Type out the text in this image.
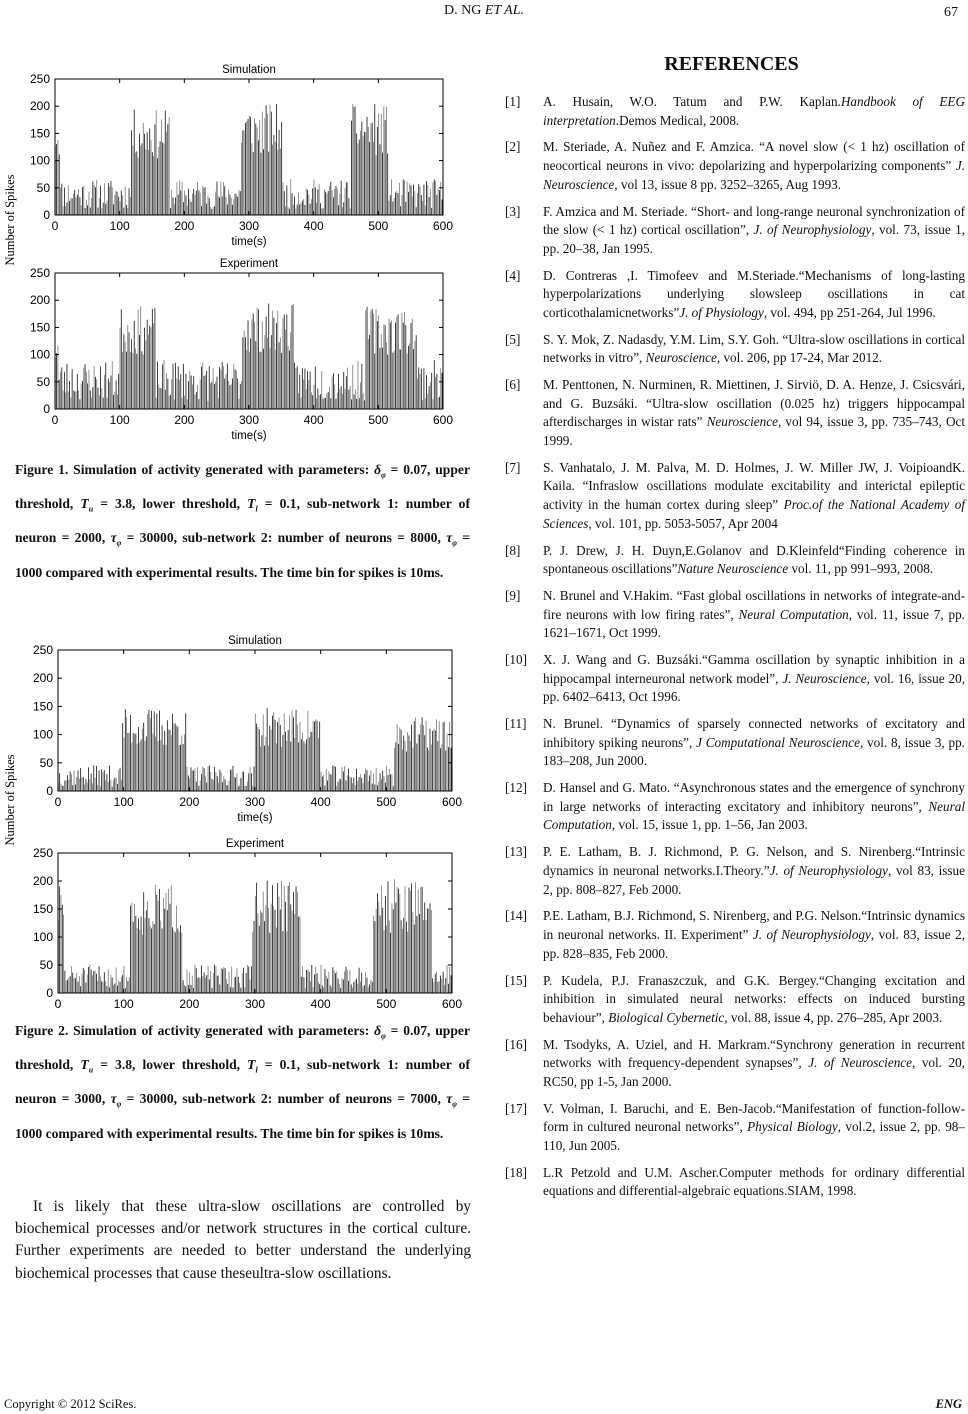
D. NG ET AL.	67
0
50
100
150
200
250
0	100	200	300	400	500	600
Simulation
time(s)
0
50
100
150
200
250
0	100	200	300	400	500	600
Experiment
time(s)
Number of Spikes
Figure 1. Simulation of activity generated with parameters: $\delta_\varphi = 0.07$, upper threshold, $T_u = 3.8$, lower threshold, $T_l = 0.1$, sub-network 1: number of neuron = 2000, $\tau_\varphi = 30000$, sub-network 2: number of neurons = 8000, $\tau_\varphi = 1000$ compared with experimental results. The time bin for spikes is 10ms.
0
50
100
150
200
250
0	100	200	300	400	500	600
Simulation
time(s)
0
50
100
150
200
250
0	100	200	300	400	500	600
Experiment
Number of Spikes
Figure 2. Simulation of activity generated with parameters: $\delta_\varphi = 0.07$, upper threshold, $T_u = 3.8$, lower threshold, $T_l = 0.1$, sub-network 1: number of neuron = 3000, $\tau_\varphi = 30000$, sub-network 2: number of neurons = 7000, $\tau_\varphi = 1000$ compared with experimental results. The time bin for spikes is 10ms.
It is likely that these ultra-slow oscillations are controlled by biochemical processes and/or network structures in the cortical culture. Further experiments are needed to better understand the underlying biochemical processes that cause theseultra-slow oscillations.
REFERENCES
[1]	A. Husain, W.O. Tatum and P.W. Kaplan.Handbook of EEG interpretation.Demos Medical, 2008.
[2]	M. Steriade, A. Nuñez and F. Amzica. “A novel slow (< 1 hz) oscillation of neocortical neurons in vivo: depolarizing and hyperpolarizing components” J. Neuroscience, vol 13, issue 8 pp. 3252–3265, Aug 1993.
[3]	F. Amzica and M. Steriade. “Short- and long-range neuronal synchronization of the slow (< 1 hz) cortical oscillation”, J. of Neurophysiology, vol. 73, issue 1, pp. 20–38, Jan 1995.
[4]	D. Contreras ,I. Timofeev and M.Steriade.“Mechanisms of long-lasting hyperpolarizations underlying slowsleep oscillations in cat corticothalamicnetworks”J. of Physiology, vol. 494, pp 251-264, Jul 1996.
[5]	S. Y. Mok, Z. Nadasdy, Y.M. Lim, S.Y. Goh. “Ultra-slow oscillations in cortical networks in vitro”, Neuroscience, vol. 206, pp 17-24, Mar 2012.
[6]	M. Penttonen, N. Nurminen, R. Miettinen, J. Sirviö, D. A. Henze, J. Csicsvári, and G. Buzsáki. “Ultra-slow oscillation (0.025 hz) triggers hippocampal afterdischarges in wistar rats” Neuroscience, vol 94, issue 3, pp. 735–743, Oct 1999.
[7]	S. Vanhatalo, J. M. Palva, M. D. Holmes, J. W. Miller JW, J. VoipioandK. Kaila. “Infraslow oscillations modulate excitability and interictal epileptic activity in the human cortex during sleep” Proc.of the National Academy of Sciences, vol. 101, pp. 5053-5057, Apr 2004
[8]	P. J. Drew, J. H. Duyn,E.Golanov and D.Kleinfeld“Finding coherence in spontaneous oscillations”Nature Neuroscience vol. 11, pp 991–993, 2008.
[9]	N. Brunel and V.Hakim. “Fast global oscillations in networks of integrate-and-fire neurons with low firing rates”, Neural Computation, vol. 11, issue 7, pp. 1621–1671, Oct 1999.
[10]	X. J. Wang and G. Buzsáki.“Gamma oscillation by synaptic inhibition in a hippocampal interneuronal network model”, J. Neuroscience, vol. 16, issue 20, pp. 6402–6413, Oct 1996.
[11]	N. Brunel. “Dynamics of sparsely connected networks of excitatory and inhibitory spiking neurons”, J Computational Neuroscience, vol. 8, issue 3, pp. 183–208, Jun 2000.
[12]	D. Hansel and G. Mato. “Asynchronous states and the emergence of synchrony in large networks of interacting excitatory and inhibitory neurons”, Neural Computation, vol. 15, issue 1, pp. 1–56, Jan 2003.
[13]	P. E. Latham, B. J. Richmond, P. G. Nelson, and S. Nirenberg.“Intrinsic dynamics in neuronal networks.I.Theory.”J. of Neurophysiology, vol 83, issue 2, pp. 808–827, Feb 2000.
[14]	P.E. Latham, B.J. Richmond, S. Nirenberg, and P.G. Nelson.“Intrinsic dynamics in neuronal networks. II. Experiment” J. of Neurophysiology, vol. 83, issue 2, pp. 828–835, Feb 2000.
[15]	P. Kudela, P.J. Franaszczuk, and G.K. Bergey.“Changing excitation and inhibition in simulated neural networks: effects on induced bursting behaviour”, Biological Cybernetic, vol. 88, issue 4, pp. 276–285, Apr 2003.
[16]	M. Tsodyks, A. Uziel, and H. Markram.“Synchrony generation in recurrent networks with frequency-dependent synapses”, J. of Neuroscience, vol. 20, RC50, pp 1-5, Jan 2000.
[17]	V. Volman, I. Baruchi, and E. Ben-Jacob.“Manifestation of function-follow-form in cultured neuronal networks”, Physical Biology, vol.2, issue 2, pp. 98–110, Jun 2005.
[18]	L.R Petzold and U.M. Ascher.Computer methods for ordinary differential equations and differential-algebraic equations.SIAM, 1998.
Copyright © 2012 SciRes.	ENG
